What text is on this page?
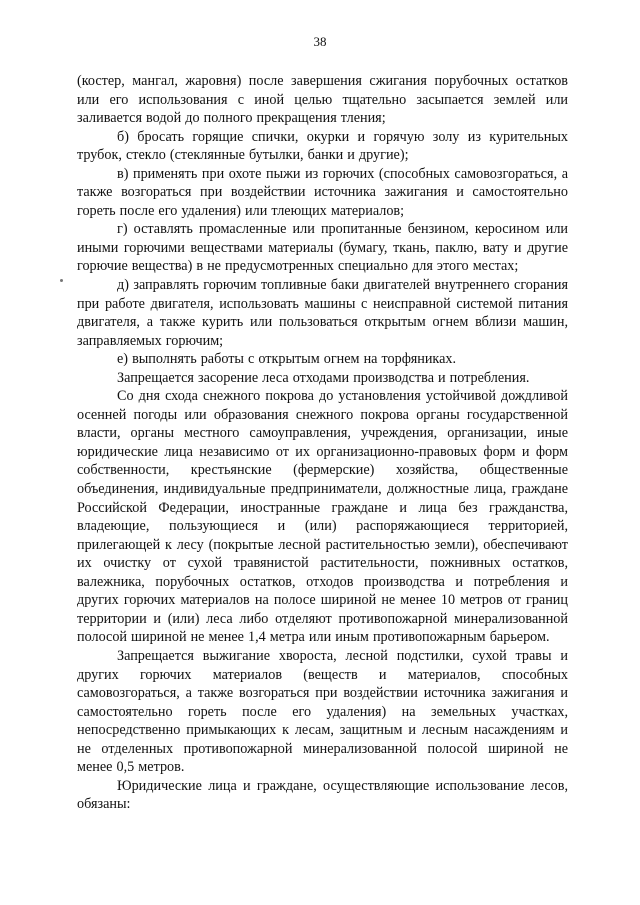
38

(костер, мангал, жаровня) после завершения сжигания порубочных остатков или его использования с иной целью тщательно засыпается землей или заливается водой до полного прекращения тления;

б) бросать горящие спички, окурки и горячую золу из курительных трубок, стекло (стеклянные бутылки, банки и другие);

в) применять при охоте пыжи из горючих (способных самовозгораться, а также возгораться при воздействии источника зажигания и самостоятельно гореть после его удаления) или тлеющих материалов;

г) оставлять промасленные или пропитанные бензином, керосином или иными горючими веществами материалы (бумагу, ткань, паклю, вату и другие горючие вещества) в не предусмотренных специально для этого местах;

д) заправлять горючим топливные баки двигателей внутреннего сгорания при работе двигателя, использовать машины с неисправной системой питания двигателя, а также курить или пользоваться открытым огнем вблизи машин, заправляемых горючим;

е) выполнять работы с открытым огнем на торфяниках.

Запрещается засорение леса отходами производства и потребления.

Со дня схода снежного покрова до установления устойчивой дождливой осенней погоды или образования снежного покрова органы государственной власти, органы местного самоуправления, учреждения, организации, иные юридические лица независимо от их организационно-правовых форм и форм собственности, крестьянские (фермерские) хозяйства, общественные объединения, индивидуальные предприниматели, должностные лица, граждане Российской Федерации, иностранные граждане и лица без гражданства, владеющие, пользующиеся и (или) распоряжающиеся территорией, прилегающей к лесу (покрытые лесной растительностью земли), обеспечивают их очистку от сухой травянистой растительности, пожнивных остатков, валежника, порубочных остатков, отходов производства и потребления и других горючих материалов на полосе шириной не менее 10 метров от границ территории и (или) леса либо отделяют противопожарной минерализованной полосой шириной не менее 1,4 метра или иным противопожарным барьером.

Запрещается выжигание хвороста, лесной подстилки, сухой травы и других горючих материалов (веществ и материалов, способных самовозгораться, а также возгораться при воздействии источника зажигания и самостоятельно гореть после его удаления) на земельных участках, непосредственно примыкающих к лесам, защитным и лесным насаждениям и не отделенных противопожарной минерализованной полосой шириной не менее 0,5 метров.

Юридические лица и граждане, осуществляющие использование лесов, обязаны:
